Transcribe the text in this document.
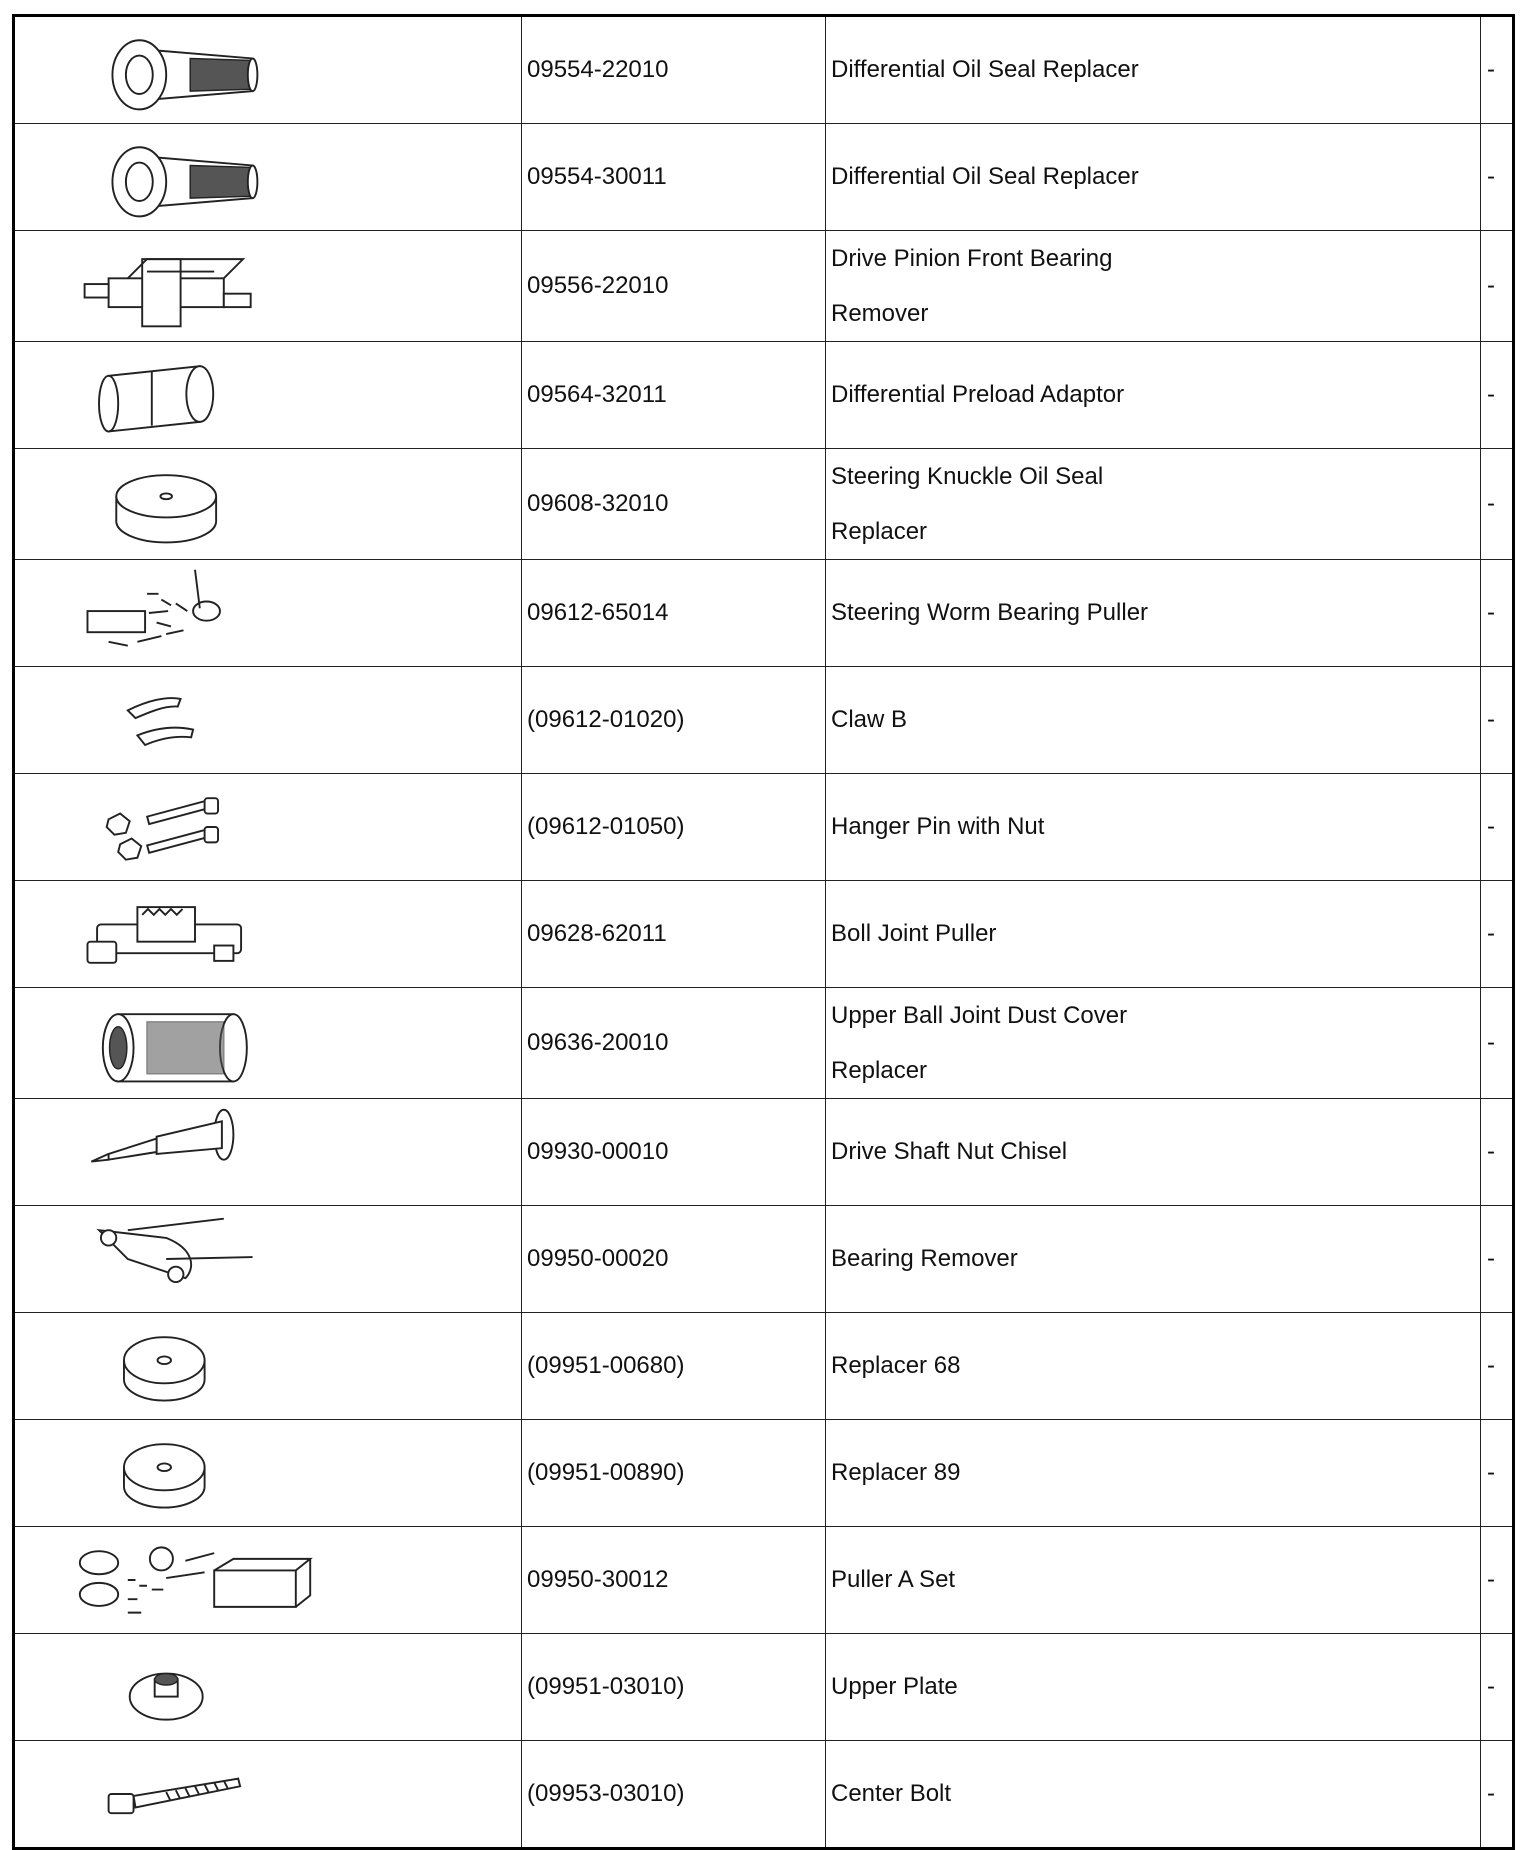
	09554-22010	Differential Oil Seal Replacer	-

	09554-30011	Differential Oil Seal Replacer	-

	09556-22010	Drive Pinion Front Bearing
Remover	-

	09564-32011	Differential Preload Adaptor	-

	09608-32010	Steering Knuckle Oil Seal
Replacer	-

	09612-65014	Steering Worm Bearing Puller	-

	(09612-01020)	Claw B	-

	(09612-01050)	Hanger Pin with Nut	-

	09628-62011	Boll Joint Puller	-

	09636-20010	Upper Ball Joint Dust Cover
Replacer	-

	09930-00010	Drive Shaft Nut Chisel	-

	09950-00020	Bearing Remover	-

	(09951-00680)	Replacer 68	-

	(09951-00890)	Replacer 89	-

	09950-30012	Puller A Set	-

	(09951-03010)	Upper Plate	-

	(09953-03010)	Center Bolt	-
